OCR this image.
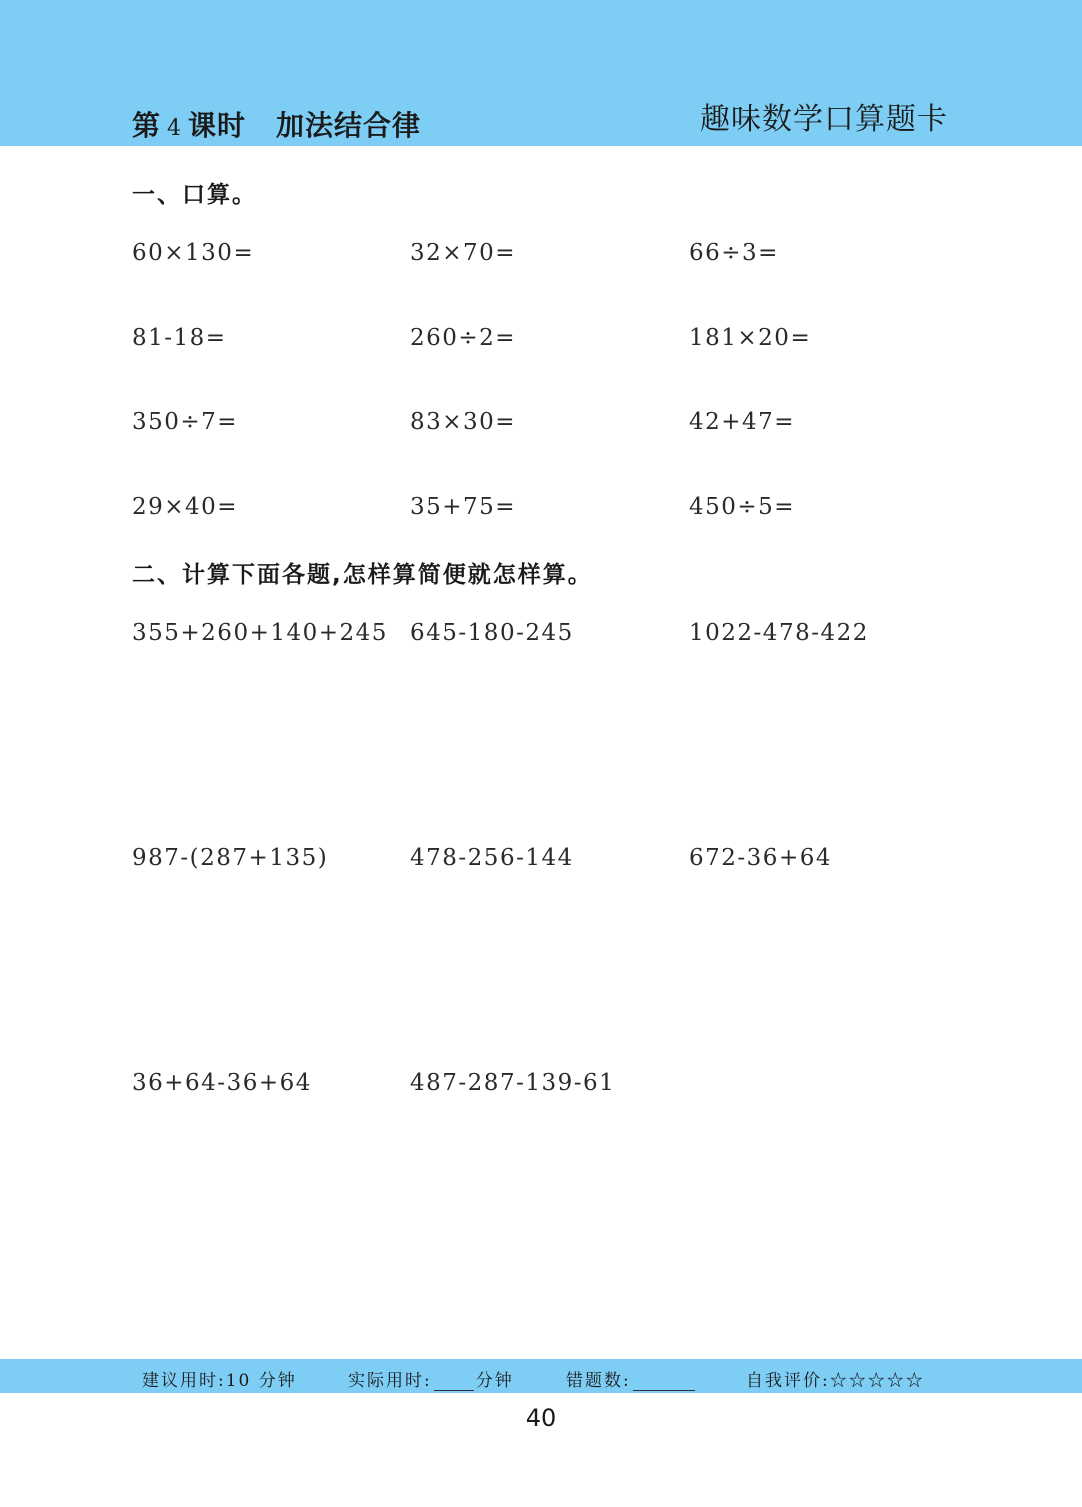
第 4 课时 加法结合律	趣味数学口算题卡
一、口算。
60×130=	32×70=	66÷3=
81-18=	260÷2=	181×20=
350÷7=	83×30=	42+47=
29×40=	35+75=	450÷5=
二、计算下面各题,怎样算简便就怎样算。
355+260+140+245 645-180-245	1022-478-422
987-(287+135)	478-256-144	672-36+64
36+64-36+64	487-287-139-61
建议用时:10 分钟	实际用时:	分钟	错题数:	自我评价:☆☆☆☆☆
40
